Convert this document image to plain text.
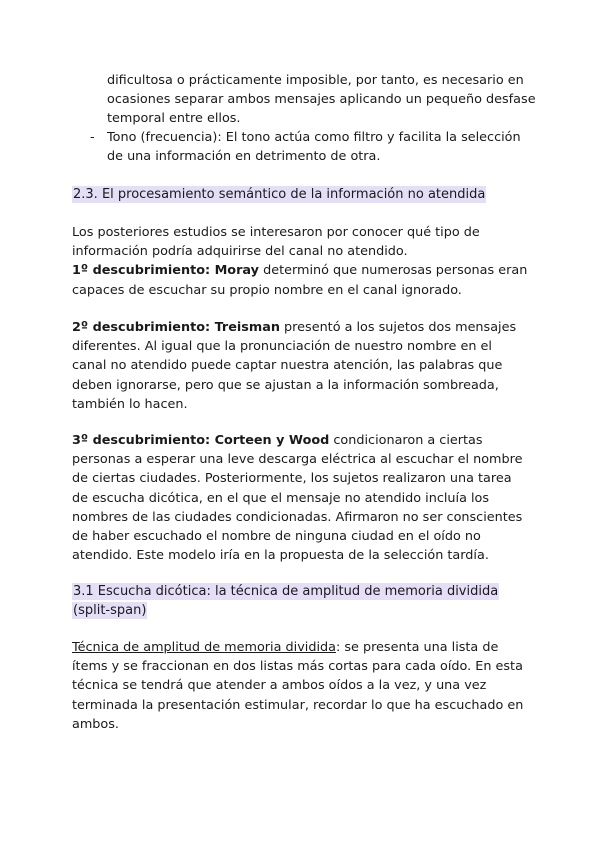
dificultosa o prácticamente imposible, por tanto, es necesario en ocasiones separar ambos mensajes aplicando un pequeño desfase temporal entre ellos.
- Tono (frecuencia): El tono actúa como filtro y facilita la selección de una información en detrimento de otra.
2.3. El procesamiento semántico de la información no atendida

Los posteriores estudios se interesaron por conocer qué tipo de información podría adquirirse del canal no atendido.
1º descubrimiento: Moray determinó que numerosas personas eran capaces de escuchar su propio nombre en el canal ignorado.

2º descubrimiento: Treisman presentó a los sujetos dos mensajes diferentes. Al igual que la pronunciación de nuestro nombre en el canal no atendido puede captar nuestra atención, las palabras que deben ignorarse, pero que se ajustan a la información sombreada, también lo hacen.

3º descubrimiento: Corteen y Wood condicionaron a ciertas personas a esperar una leve descarga eléctrica al escuchar el nombre de ciertas ciudades. Posteriormente, los sujetos realizaron una tarea de escucha dicótica, en el que el mensaje no atendido incluía los nombres de las ciudades condicionadas. Afirmaron no ser conscientes de haber escuchado el nombre de ninguna ciudad en el oído no atendido. Este modelo iría en la propuesta de la selección tardía.

3.1 Escucha dicótica: la técnica de amplitud de memoria dividida (split-span)

Técnica de amplitud de memoria dividida: se presenta una lista de ítems y se fraccionan en dos listas más cortas para cada oído. En esta técnica se tendrá que atender a ambos oídos a la vez, y una vez terminada la presentación estimular, recordar lo que ha escuchado en ambos.
